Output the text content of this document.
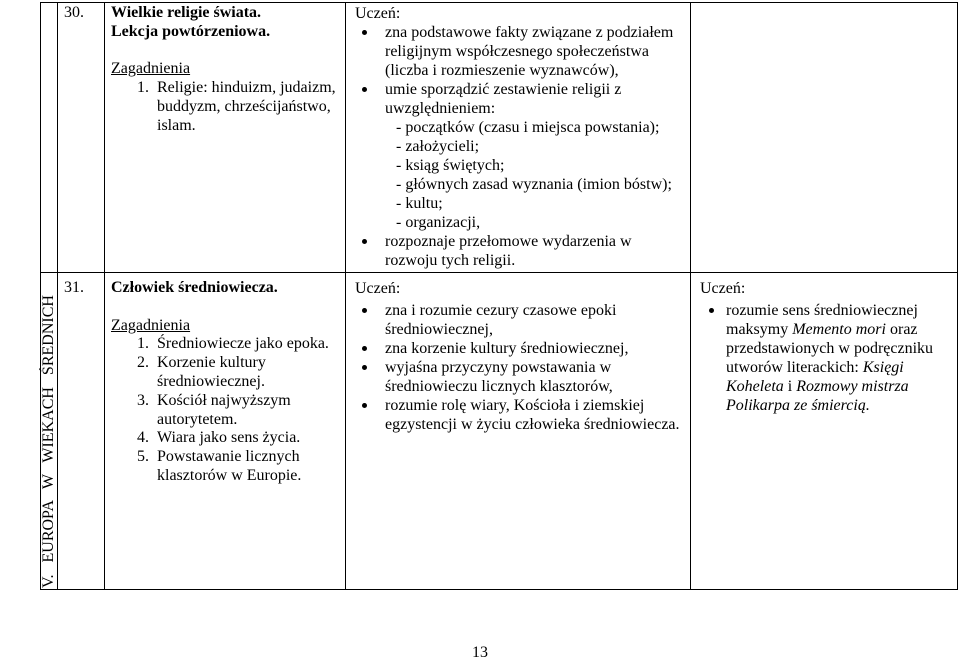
30.	Wielkie religie świata.
Lekcja powtórzeniowa.
Zagadnienia
1. Religie: hinduizm, judaizm,
buddyzm, chrześcijaństwo,
islam.
Uczeń:
zna podstawowe fakty związane z podziałem
religijnym współczesnego społeczeństwa
(liczba i rozmieszenie wyznawców),
umie sporządzić zestawienie religii z
uwzględnieniem:
- początków (czasu i miejsca powstania);
- założycieli;
- ksiąg świętych;
- głównych zasad wyznania (imion bóstw);
- kultu;
- organizacji,
rozpoznaje przełomowe wydarzenia w
rozwoju tych religii.
V. EUROPA W WIEKACH ŚREDNICH
31.	Człowiek średniowiecza.
Zagadnienia
1. Średniowiecze jako epoka.
2. Korzenie kultury
średniowiecznej.
3. Kościół najwyższym
autorytetem.
4. Wiara jako sens życia.
5. Powstawanie licznych
klasztorów w Europie.
Uczeń:
zna i rozumie cezury czasowe epoki
średniowiecznej,
zna korzenie kultury średniowiecznej,
wyjaśna przyczyny powstawania w
średniowieczu licznych klasztorów,
rozumie rolę wiary, Kościoła i ziemskiej
egzystencji w życiu człowieka średniowiecza.
Uczeń:
rozumie sens średniowiecznej
maksymy Memento mori oraz
przedstawionych w podręczniku
utworów literackich: Księgi
Koheleta i Rozmowy mistrza
Polikarpa ze śmiercią.
13
